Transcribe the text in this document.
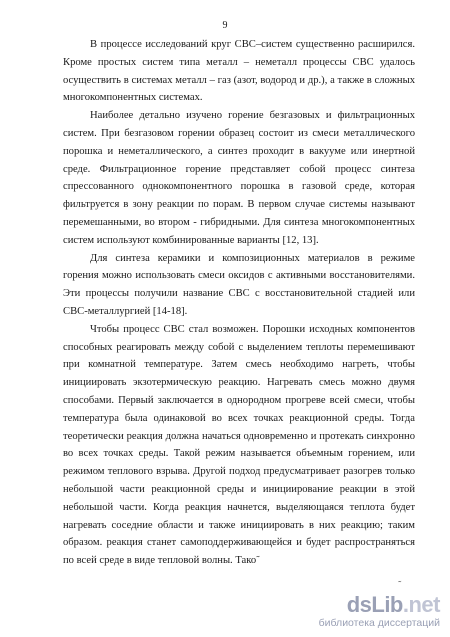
9
В процессе исследований круг СВС–систем существенно расширился.
Кроме простых систем типа металл – неметалл процессы СВС удалось
осуществить в системах металл – газ (азот, водород и др.), а также в сложных
многокомпонентных системах.
Наиболее детально изучено горение безгазовых и фильтрационных
систем. При безгазовом горении образец состоит из смеси металлического
порошка и неметаллического, а синтез проходит в вакууме или инертной
среде. Фильтрационное горение представляет собой процесс синтеза
спрессованного однокомпонентного порошка в газовой среде, которая
фильтруется в зону реакции по порам. В первом случае системы называют
перемешанными, во втором - гибридными. Для синтеза многокомпонентных
систем используют комбинированные варианты [12, 13].
Для синтеза керамики и композиционных материалов в режиме
горения можно использовать смеси оксидов с активными восстановителями.
Эти процессы получили название СВС с восстановительной стадией или
СВС-металлургией [14-18].
Чтобы процесс СВС стал возможен. Порошки исходных компонентов
способных реагировать между собой с выделением теплоты перемешивают
при комнатной температуре. Затем смесь необходимо нагреть, чтобы
инициировать экзотермическую реакцию. Нагревать смесь можно двумя
способами. Первый заключается в однородном прогреве всей смеси, чтобы
температура была одинаковой во всех точках реакционной среды. Тогда
теоретически реакция должна начаться одновременно и протекать синхронно
во всех точках среды. Такой режим называется объемным горением, или
режимом теплового взрыва. Другой подход предусматривает разогрев только
небольшой части реакционной среды и инициирование реакции в этой
небольшой части. Когда реакция начнется, выделяющаяся теплота будет
нагревать соседние области и также инициировать в них реакцию; таким
образом. реакция станет самоподдерживающейся и будет распространяться
по всей среде в виде тепловой волны. Тако˜
˜
dsLib.net
библиотека диссертаций
